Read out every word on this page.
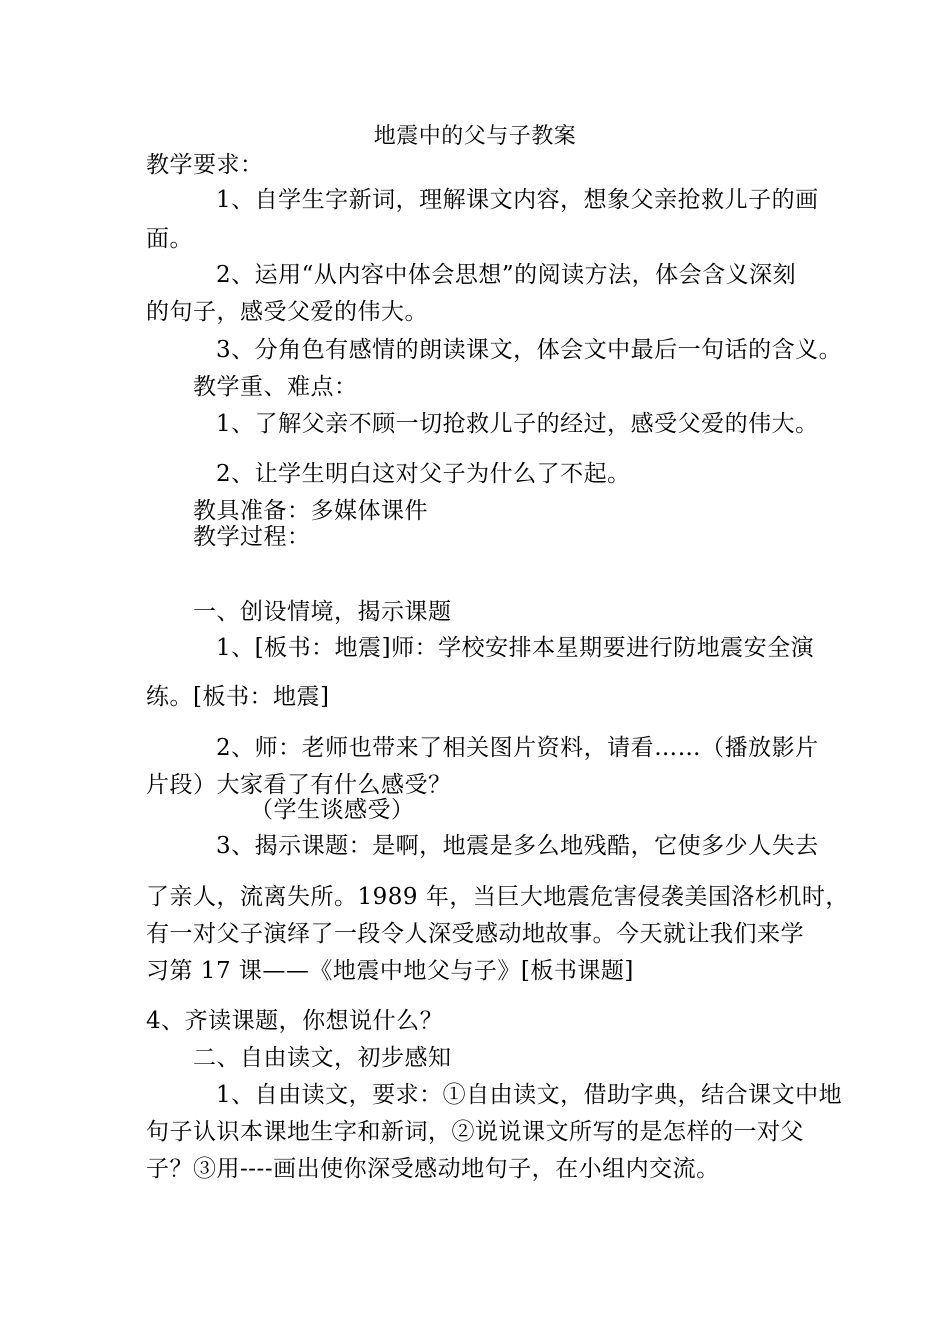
地震中的父与子教案
教学要求：
1、自学生字新词，理解课文内容，想象父亲抢救儿子的画
面。
2、运用“从内容中体会思想”的阅读方法，体会含义深刻
的句子，感受父爱的伟大。
3、分角色有感情的朗读课文，体会文中最后一句话的含义。
教学重、难点：
1、了解父亲不顾一切抢救儿子的经过，感受父爱的伟大。
2、让学生明白这对父子为什么了不起。
教具准备：多媒体课件
教学过程：
一、创设情境，揭示课题
1、[板书：地震]师：学校安排本星期要进行防地震安全演
练。[板书：地震]
2、师：老师也带来了相关图片资料，请看……（播放影片
片段）大家看了有什么感受？
（学生谈感受）
3、揭示课题：是啊，地震是多么地残酷，它使多少人失去
了亲人，流离失所。1989 年，当巨大地震危害侵袭美国洛杉机时，
有一对父子演绎了一段令人深受感动地故事。今天就让我们来学
习第 17 课——《地震中地父与子》[板书课题]
4、齐读课题，你想说什么？
二、自由读文，初步感知
1、自由读文，要求：①自由读文，借助字典，结合课文中地
句子认识本课地生字和新词，②说说课文所写的是怎样的一对父
子？③用----画出使你深受感动地句子，在小组内交流。
